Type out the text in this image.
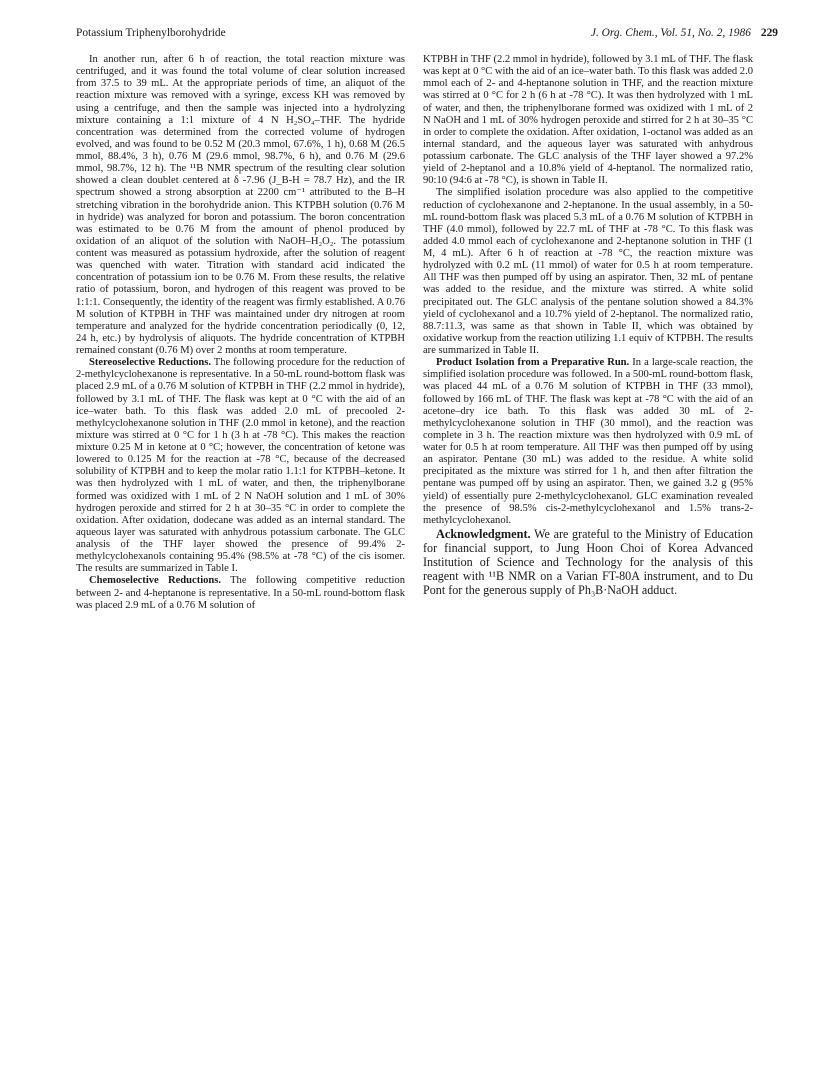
Potassium Triphenylborohydride	J. Org. Chem., Vol. 51, No. 2, 1986 229

In another run, after 6 h of reaction, the total reaction mixture was centrifuged, and it was found the total volume of clear solution increased from 37.5 to 39 mL. At the appropriate periods of time, an aliquot of the reaction mixture was removed with a syringe, excess KH was removed by using a centrifuge, and then the sample was injected into a hydrolyzing mixture containing a 1:1 mixture of 4 N H₂SO₄–THF. The hydride concentration was determined from the corrected volume of hydrogen evolved, and was found to be 0.52 M (20.3 mmol, 67.6%, 1 h), 0.68 M (26.5 mmol, 88.4%, 3 h), 0.76 M (29.6 mmol, 98.7%, 6 h), and 0.76 M (29.6 mmol, 98.7%, 12 h). The ¹¹B NMR spectrum of the resulting clear solution showed a clean doublet centered at δ -7.96 (J_B-H = 78.7 Hz), and the IR spectrum showed a strong absorption at 2200 cm⁻¹ attributed to the B–H stretching vibration in the borohydride anion. This KTPBH solution (0.76 M in hydride) was analyzed for boron and potassium. The boron concentration was estimated to be 0.76 M from the amount of phenol produced by oxidation of an aliquot of the solution with NaOH–H₂O₂. The potassium content was measured as potassium hydroxide, after the solution of reagent was quenched with water. Titration with standard acid indicated the concentration of potassium ion to be 0.76 M. From these results, the relative ratio of potassium, boron, and hydrogen of this reagent was proved to be 1:1:1. Consequently, the identity of the reagent was firmly established. A 0.76 M solution of KTPBH in THF was maintained under dry nitrogen at room temperature and analyzed for the hydride concentration periodically (0, 12, 24 h, etc.) by hydrolysis of aliquots. The hydride concentration of KTPBH remained constant (0.76 M) over 2 months at room temperature.

Stereoselective Reductions. The following procedure for the reduction of 2-methylcyclohexanone is representative. In a 50-mL round-bottom flask was placed 2.9 mL of a 0.76 M solution of KTPBH in THF (2.2 mmol in hydride), followed by 3.1 mL of THF. The flask was kept at 0 °C with the aid of an ice–water bath. To this flask was added 2.0 mL of precooled 2-methylcyclohexanone solution in THF (2.0 mmol in ketone), and the reaction mixture was stirred at 0 °C for 1 h (3 h at -78 °C). This makes the reaction mixture 0.25 M in ketone at 0 °C; however, the concentration of ketone was lowered to 0.125 M for the reaction at -78 °C, because of the decreased solubility of KTPBH and to keep the molar ratio 1.1:1 for KTPBH–ketone. It was then hydrolyzed with 1 mL of water, and then, the triphenylborane formed was oxidized with 1 mL of 2 N NaOH solution and 1 mL of 30% hydrogen peroxide and stirred for 2 h at 30–35 °C in order to complete the oxidation. After oxidation, dodecane was added as an internal standard. The aqueous layer was saturated with anhydrous potassium carbonate. The GLC analysis of the THF layer showed the presence of 99.4% 2-methylcyclohexanols containing 95.4% (98.5% at -78 °C) of the cis isomer. The results are summarized in Table I.

Chemoselective Reductions. The following competitive reduction between 2- and 4-heptanone is representative. In a 50-mL round-bottom flask was placed 2.9 mL of a 0.76 M solution of

KTPBH in THF (2.2 mmol in hydride), followed by 3.1 mL of THF. The flask was kept at 0 °C with the aid of an ice–water bath. To this flask was added 2.0 mmol each of 2- and 4-heptanone solution in THF, and the reaction mixture was stirred at 0 °C for 2 h (6 h at -78 °C). It was then hydrolyzed with 1 mL of water, and then, the triphenylborane formed was oxidized with 1 mL of 2 N NaOH and 1 mL of 30% hydrogen peroxide and stirred for 2 h at 30–35 °C in order to complete the oxidation. After oxidation, 1-octanol was added as an internal standard, and the aqueous layer was saturated with anhydrous potassium carbonate. The GLC analysis of the THF layer showed a 97.2% yield of 2-heptanol and a 10.8% yield of 4-heptanol. The normalized ratio, 90:10 (94:6 at -78 °C), is shown in Table II.

The simplified isolation procedure was also applied to the competitive reduction of cyclohexanone and 2-heptanone. In the usual assembly, in a 50-mL round-bottom flask was placed 5.3 mL of a 0.76 M solution of KTPBH in THF (4.0 mmol), followed by 22.7 mL of THF at -78 °C. To this flask was added 4.0 mmol each of cyclohexanone and 2-heptanone solution in THF (1 M, 4 mL). After 6 h of reaction at -78 °C, the reaction mixture was hydrolyzed with 0.2 mL (11 mmol) of water for 0.5 h at room temperature. All THF was then pumped off by using an aspirator. Then, 32 mL of pentane was added to the residue, and the mixture was stirred. A white solid precipitated out. The GLC analysis of the pentane solution showed a 84.3% yield of cyclohexanol and a 10.7% yield of 2-heptanol. The normalized ratio, 88.7:11.3, was same as that shown in Table II, which was obtained by oxidative workup from the reaction utilizing 1.1 equiv of KTPBH. The results are summarized in Table II.

Product Isolation from a Preparative Run. In a large-scale reaction, the simplified isolation procedure was followed. In a 500-mL round-bottom flask, was placed 44 mL of a 0.76 M solution of KTPBH in THF (33 mmol), followed by 166 mL of THF. The flask was kept at -78 °C with the aid of an acetone–dry ice bath. To this flask was added 30 mL of 2-methylcyclohexanone solution in THF (30 mmol), and the reaction was complete in 3 h. The reaction mixture was then hydrolyzed with 0.9 mL of water for 0.5 h at room temperature. All THF was then pumped off by using an aspirator. Pentane (30 mL) was added to the residue. A white solid precipitated as the mixture was stirred for 1 h, and then after filtration the pentane was pumped off by using an aspirator. Then, we gained 3.2 g (95% yield) of essentially pure 2-methylcyclohexanol. GLC examination revealed the presence of 98.5% cis-2-methylcyclohexanol and 1.5% trans-2-methylcyclohexanol.

Acknowledgment. We are grateful to the Ministry of Education for financial support, to Jung Hoon Choi of Korea Advanced Institution of Science and Technology for the analysis of this reagent with ¹¹B NMR on a Varian FT-80A instrument, and to Du Pont for the generous supply of Ph₃B·NaOH adduct.
